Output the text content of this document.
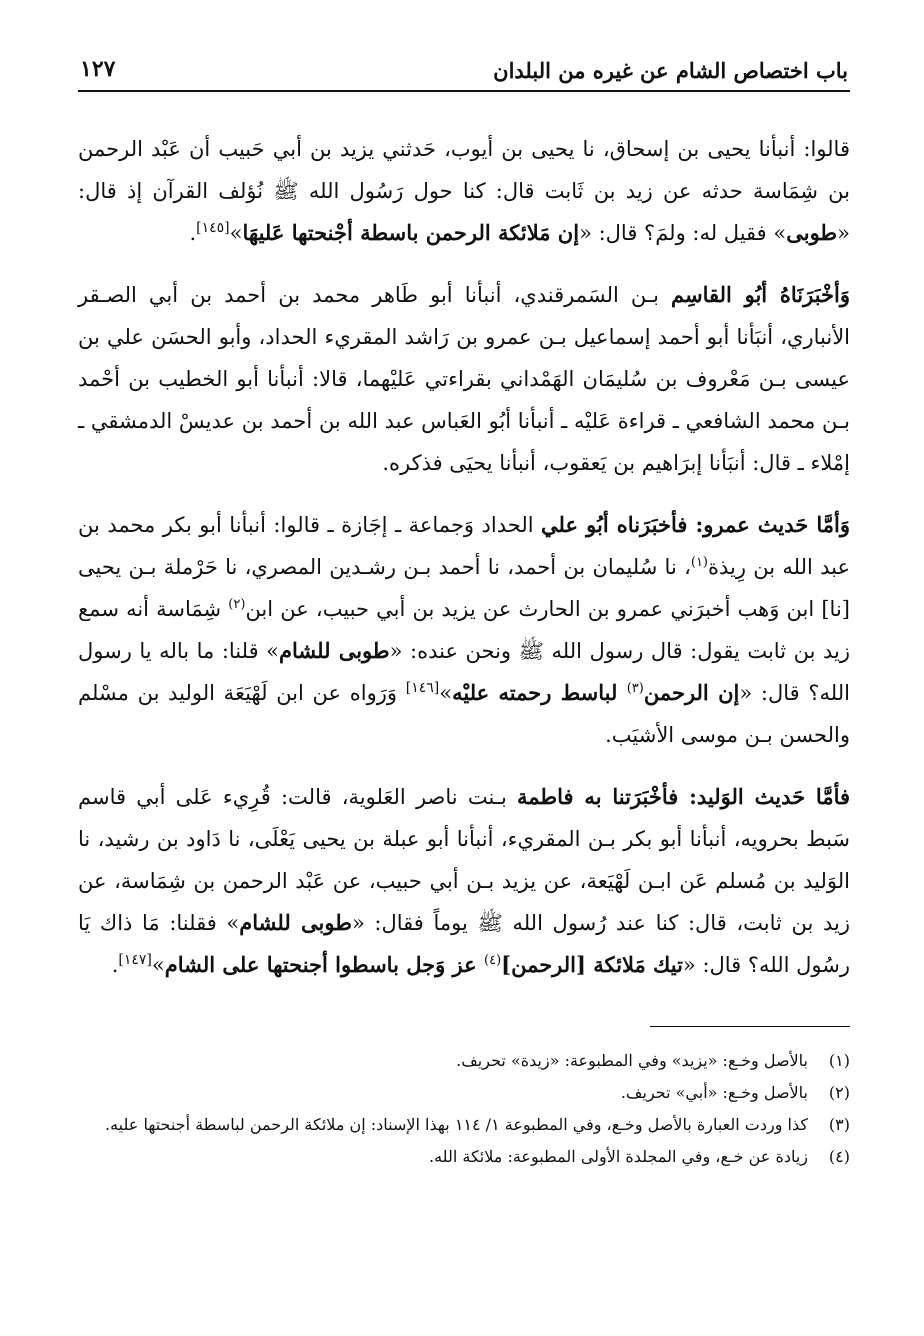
باب اختصاص الشام عن غيره من البلدان
١٢٧

قالوا: أنبأنا يحيى بن إسحاق، نا يحيى بن أيوب، حَدثني يزيد بن أبي حَبيب أن عَبْد الرحمن بن شِمَاسة حدثه عن زيد بن ثَابت قال: كنا حول رَسُول الله ﷺ نُؤلف القرآن إذ قال: «طوبى» فقيل له: ولمَ؟ قال: «إن مَلائكة الرحمن باسطة أجْنحتها عَليهَا»[١٤٥].

وَأخْبَرَنَاهُ أبُو القاسِم بـن السَمرقندي، أنبأنا أبو طَاهر محمد بن أحمد بن أبي الصـقر الأنباري، أنبَأنا أبو أحمد إسماعيل بـن عمرو بن رَاشد المقريء الحداد، وأبو الحسَن علي بن عيسى بـن مَعْروف بن سُليمَان الهَمْداني بقراءتي عَليْهما، قالا: أنبأنا أبو الخطيب بن أحْمد بـن محمد الشافعي ـ قراءة عَليْه ـ أنبأنا أبُو العَباس عبد الله بن أحمد بن عديسْ الدمشقي ـ إمْلاء ـ قال: أنبَأنا إبرَاهيم بن يَعقوب، أنبأنا يحيَى فذكره.

وَأمَّا حَديث عمرو: فأخبَرَناه أبُو علي الحداد وَجماعة ـ إجَازة ـ قالوا: أنبأنا أبو بكر محمد بن عبد الله بن رِيذة$^{(١)}$، نا سُليمان بن أحمد، نا أحمد بـن رشـدين المصري، نا حَرْملة بـن يحيى [نا] ابن وَهب أخبرَني عمرو بن الحارث عن يزيد بن أبي حبيب، عن ابن$^{(٢)}$ شِمَاسة أنه سمع زيد بن ثابت يقول: قال رسول الله ﷺ ونحن عنده: «طوبى للشام» قلنا: ما باله يا رسول الله؟ قال: «إن الرحمن$^{(٣)}$ لباسط رحمته عليْه»[١٤٦] وَرَواه عن ابن لَهْيَعَة الوليد بن مسْلم والحسن بـن موسى الأشيَب.

فأمَّا حَديث الوَليد: فأخْبَرَتنا به فاطمة بـنت ناصر العَلوية، قالت: قُرِيء عَلى أبي قاسم سَبط بحرويه، أنبأنا أبو بكر بـن المقريء، أنبأنا أبو عبلة بن يحيى يَعْلَى، نا دَاود بن رشيد، نا الوَليد بن مُسلم عَن ابـن لَهْيَعة، عن يزيد بـن أبي حبيب، عن عَبْد الرحمن بن شِمَاسة، عن زيد بن ثابت، قال: كنا عند رُسول الله ﷺ يوماً فقال: «طوبى للشام» فقلنا: مَا ذاك يَا رسُول الله؟ قال: «تيك مَلائكة [الرحمن]$^{(٤)}$ عز وَجل باسطوا أجنحتها على الشام»[١٤٧].

(١)
بالأصل وخـع: «يزيد» وفي المطبوعة: «زيدة» تحريف.
(٢)
بالأصل وخـع: «أبي» تحريف.
(٣)
كذا وردت العبارة بالأصل وخـع، وفي المطبوعة ١/ ١١٤ بهذا الإسناد: إن ملائكة الرحمن لباسطة أجنحتها عليه.
(٤)
زيادة عن خـع، وفي المجلدة الأولى المطبوعة: ملائكة الله.
